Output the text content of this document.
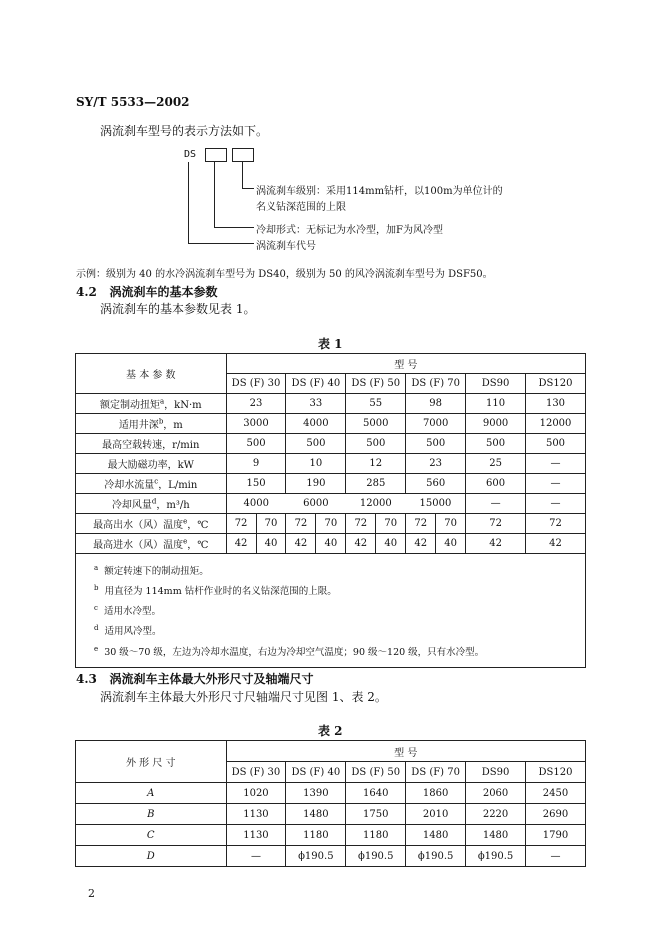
SY/T 5533—2002
涡流刹车型号的表示方法如下。
DS
涡流刹车级别：采用114mm钻杆，以100m为单位计的
名义钻深范围的上限
冷却形式：无标记为水冷型，加F为风冷型
涡流刹车代号
示例：级别为 40 的水冷涡流刹车型号为 DS40，级别为 50 的风冷涡流刹车型号为 DSF50。
4.2 涡流刹车的基本参数
涡流刹车的基本参数见表 1。
表 1
基 本 参 数	型 号									
	DS (F) 30		DS (F) 40		DS (F) 50		DS (F) 70		DS90	DS120
额定制动扭矩$^a$，kN·m	23		33		55		98		110	130
适用井深$^b$，m	3000		4000		5000		7000		9000	12000
最高空载转速，r/min	500		500		500		500		500	500
最大励磁功率，kW	9		10		12		23		25	—
冷却水流量$^c$，L/min	150		190		285		560		600	—
冷却风量$^d$，m³/h	4000		6000		12000		15000		—	—
最高出水（风）温度$^e$，℃	72	70	72	70	72	70	72	70	72	72
最高进水（风）温度$^e$，℃	42	40	42	40	42	40	42	40	42	42

$^a$ 额定转速下的制动扭矩。
$^b$ 用直径为 114mm 钻杆作业时的名义钻深范围的上限。
$^c$ 适用水冷型。
$^d$ 适用风冷型。
$^e$ 30 级～70 级，左边为冷却水温度，右边为冷却空气温度；90 级～120 级，只有水冷型。										
4.3 涡流刹车主体最大外形尺寸及轴端尺寸
涡流刹车主体最大外形尺寸尺轴端尺寸见图 1、表 2。
表 2
外 形 尺 寸	型 号					
	DS (F) 30	DS (F) 40	DS (F) 50	DS (F) 70	DS90	DS120
A	1020	1390	1640	1860	2060	2450
B	1130	1480	1750	2010	2220	2690
C	1130	1180	1180	1480	1480	1790
D	—	ϕ190.5	ϕ190.5	ϕ190.5	ϕ190.5	—
2
